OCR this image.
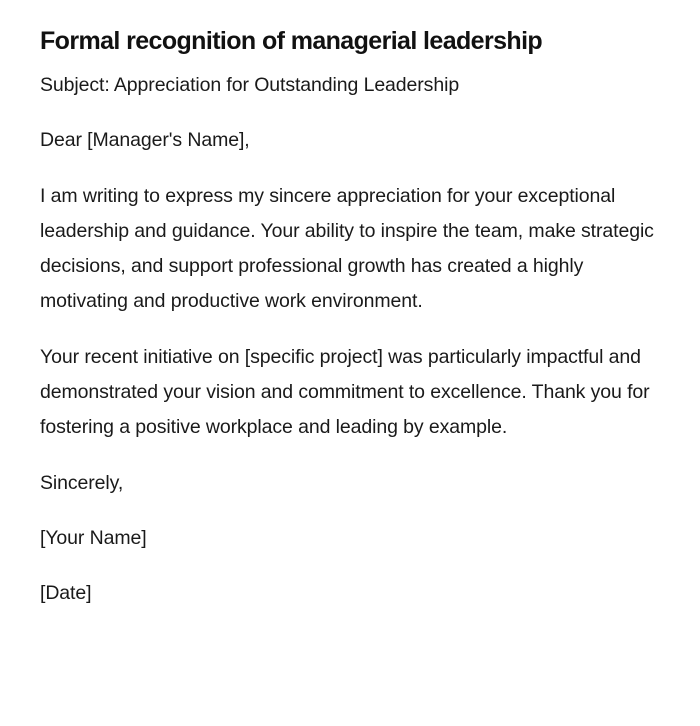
Formal recognition of managerial leadership

Subject: Appreciation for Outstanding Leadership

Dear [Manager's Name],

I am writing to express my sincere appreciation for your exceptional leadership and guidance. Your ability to inspire the team, make strategic decisions, and support professional growth has created a highly motivating and productive work environment.

Your recent initiative on [specific project] was particularly impactful and demonstrated your vision and commitment to excellence. Thank you for fostering a positive workplace and leading by example.

Sincerely,

[Your Name]

[Date]
